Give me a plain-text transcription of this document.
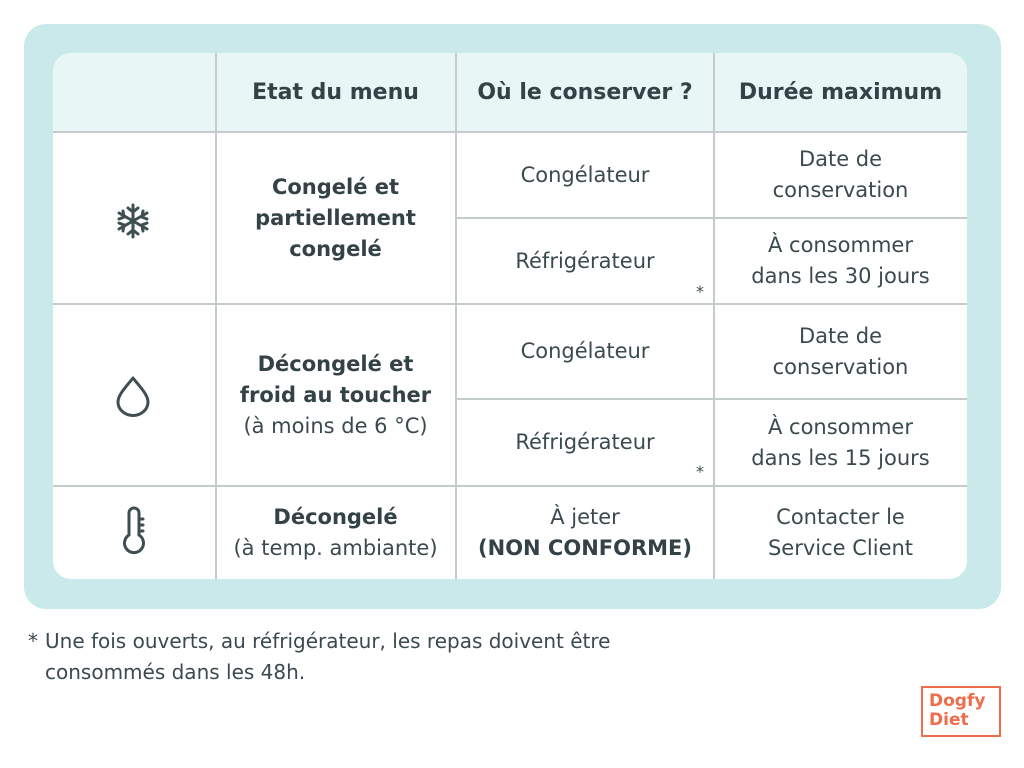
Etat du menu	Où le conserver ?	Durée maximum
Congelé et partiellement congelé
Congélateur
Date de conservation
Réfrigérateur
*
À consommer dans les 30 jours
Décongelé et froid au toucher
(à moins de 6 °C)
Congélateur
Date de conservation
Réfrigérateur
*
À consommer dans les 15 jours
Décongelé
(à temp. ambiante)
À jeter
(NON CONFORME)
Contacter le Service Client
* Une fois ouverts, au réfrigérateur, les repas doivent être consommés dans les 48h.
Dogfy
Diet
